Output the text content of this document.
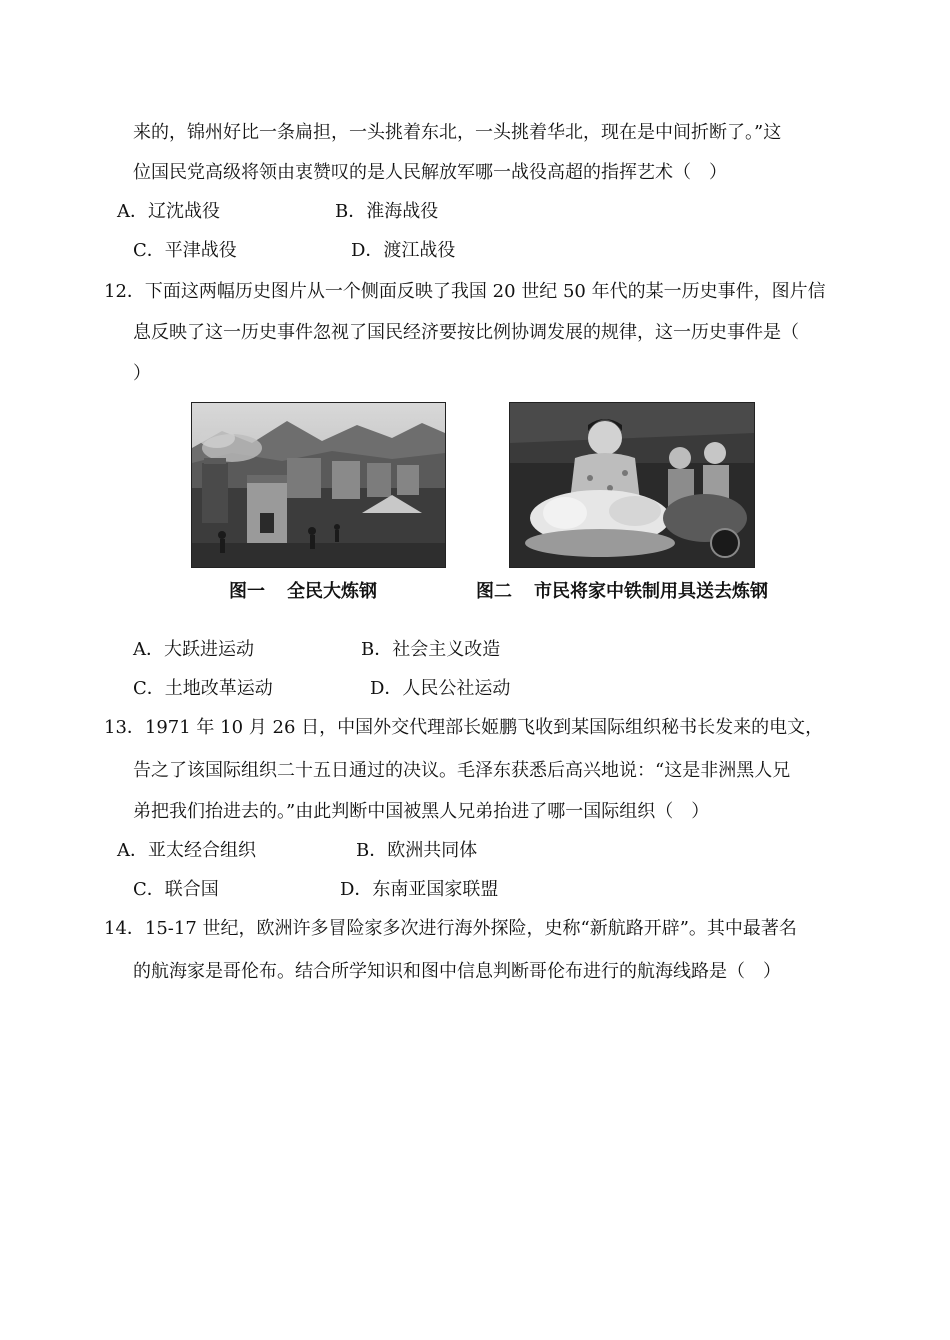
来的，锦州好比一条扁担，一头挑着东北，一头挑着华北，现在是中间折断了。”这
位国民党高级将领由衷赞叹的是人民解放军哪一战役高超的指挥艺术（　）
A．辽沈战役	B．淮海战役
C．平津战役	D．渡江战役
12．下面这两幅历史图片从一个侧面反映了我国 20 世纪 50 年代的某一历史事件，图片信
息反映了这一历史事件忽视了国民经济要按比例协调发展的规律，这一历史事件是（
）
图一 全民大炼钢	图二 市民将家中铁制用具送去炼钢
A．大跃进运动	B．社会主义改造
C．土地改革运动	D．人民公社运动
13．1971 年 10 月 26 日，中国外交代理部长姬鹏飞收到某国际组织秘书长发来的电文，
告之了该国际组织二十五日通过的决议。毛泽东获悉后高兴地说：“这是非洲黑人兄
弟把我们抬进去的。”由此判断中国被黑人兄弟抬进了哪一国际组织（　）
A．亚太经合组织	B．欧洲共同体
C．联合国	D．东南亚国家联盟
14．15-17 世纪，欧洲许多冒险家多次进行海外探险，史称“新航路开辟”。其中最著名
的航海家是哥伦布。结合所学知识和图中信息判断哥伦布进行的航海线路是（　）
